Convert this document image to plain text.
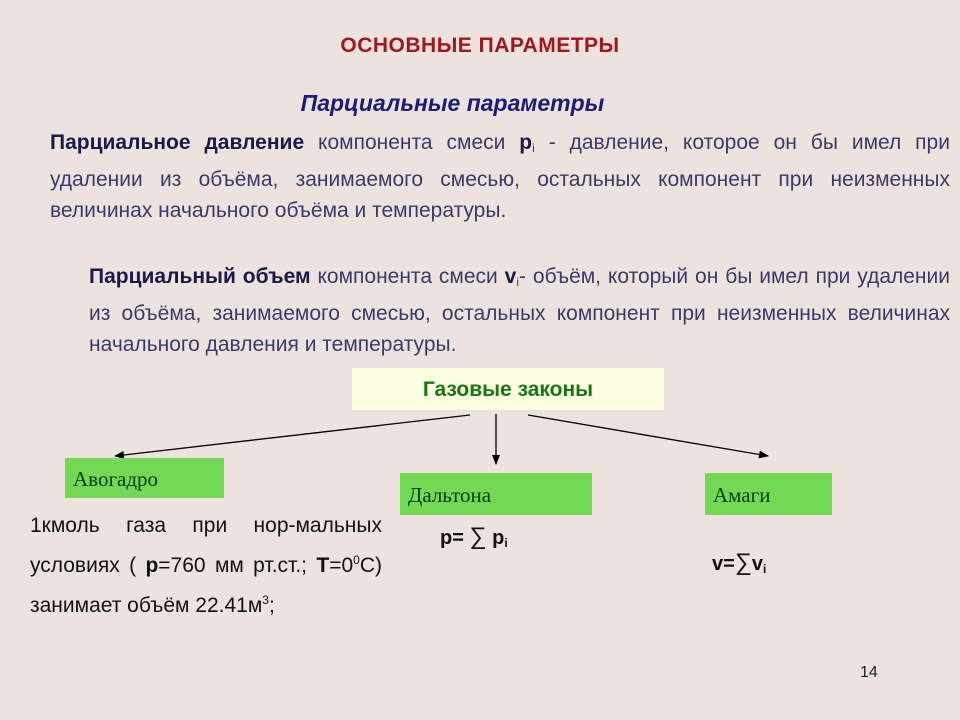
ОСНОВНЫЕ ПАРАМЕТРЫ
Парциальные параметры
Парциальное давление компонента смеси $p_i$ - давление, которое он бы имел при удалении из объёма, занимаемого смесью, остальных компонент при неизменных величинах начального объёма и температуры.
Парциальный объем компонента смеси $v_i-$ объём, который он бы имел при удалении из объёма, занимаемого смесью, остальных компонент при неизменных величинах начального давления и температуры.
Газовые законы
Авогадро
Дальтона	Амаги
1кмоль газа при нор-мальных условиях ( p=760 мм рт.ст.; $T=0^0C$) занимает объём $22.41м^3$;
p= ∑ $p_i$
$v=\sum v_i$
14
